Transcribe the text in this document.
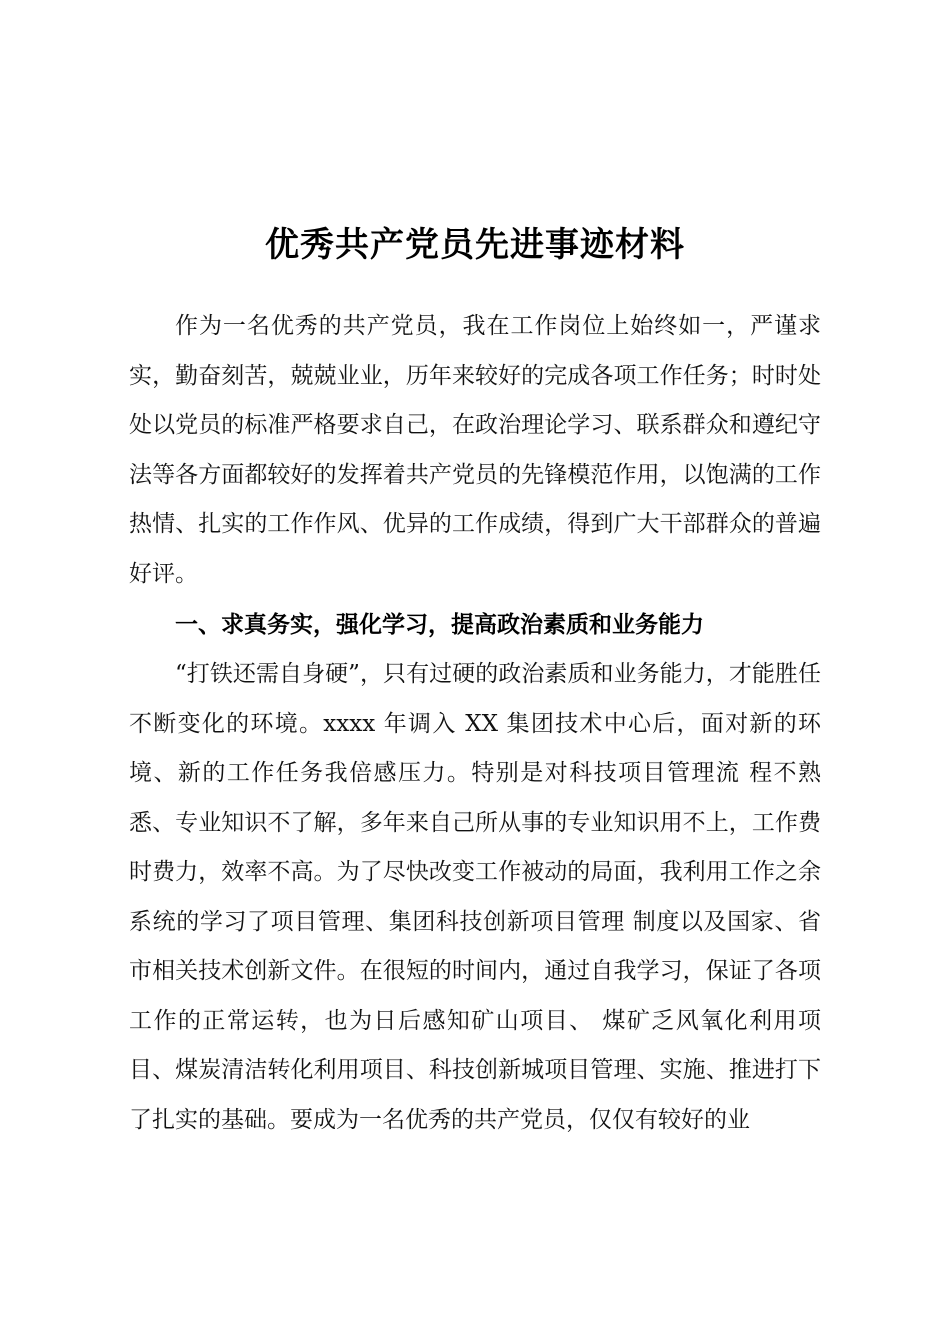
优秀共产党员先进事迹材料

作为一名优秀的共产党员，我在工作岗位上始终如一，严谨求实，勤奋刻苦，兢兢业业，历年来较好的完成各项工作任务；时时处处以党员的标准严格要求自己，在政治理论学习、联系群众和遵纪守法等各方面都较好的发挥着共产党员的先锋模范作用，以饱满的工作热情、扎实的工作作风、优异的工作成绩，得到广大干部群众的普遍好评。

一、求真务实，强化学习，提高政治素质和业务能力

“打铁还需自身硬”，只有过硬的政治素质和业务能力，才能胜任不断变化的环境。xxxx 年调入 XX 集团技术中心后，面对新的环境、新的工作任务我倍感压力。特别是对科技项目管理流 程不熟悉、专业知识不了解，多年来自己所从事的专业知识用不上，工作费时费力，效率不高。为了尽快改变工作被动的局面，我利用工作之余系统的学习了项目管理、集团科技创新项目管理 制度以及国家、省市相关技术创新文件。在很短的时间内，通过自我学习，保证了各项工作的正常运转，也为日后感知矿山项目、 煤矿乏风氧化利用项目、煤炭清洁转化利用项目、科技创新城项目管理、实施、推进打下了扎实的基础。要成为一名优秀的共产党员，仅仅有较好的业
